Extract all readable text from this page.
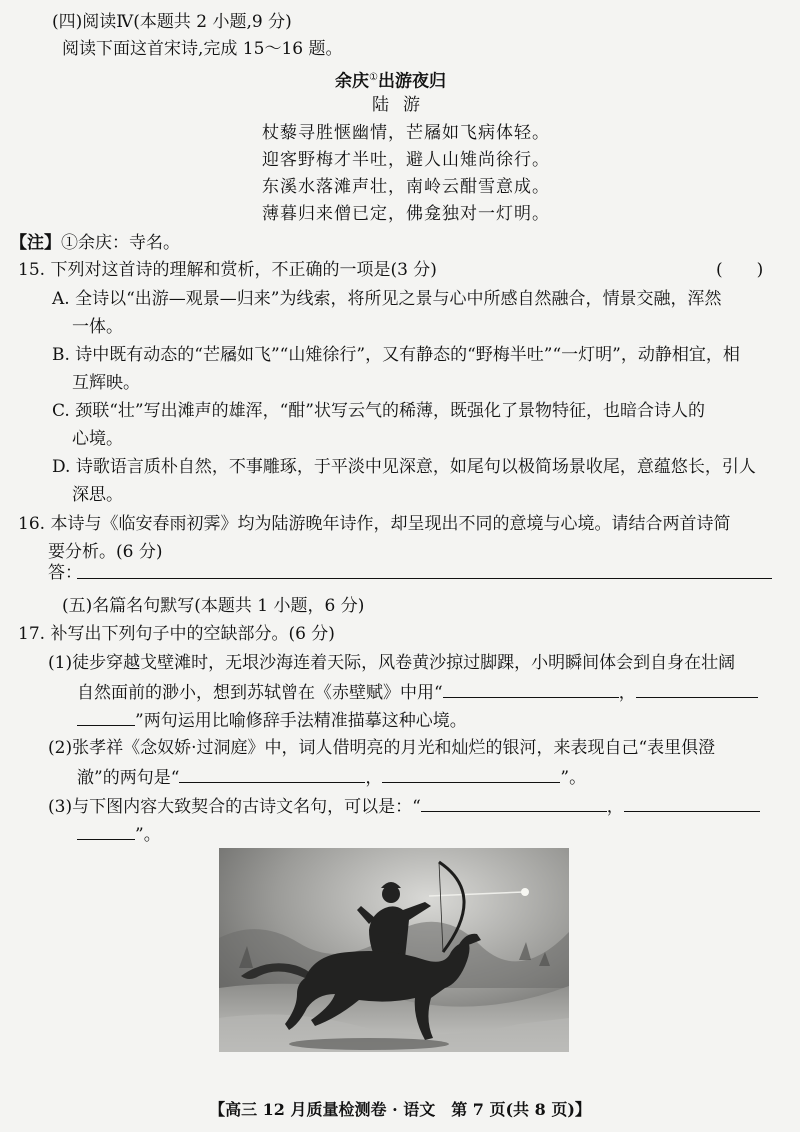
(四)阅读Ⅳ(本题共 2 小题,9 分)
阅读下面这首宋诗,完成 15～16 题。
余庆①出游夜归
陆游
杖藜寻胜惬幽情，芒屩如飞病体轻。
迎客野梅才半吐，避人山雉尚徐行。
东溪水落滩声壮，南岭云酣雪意成。
薄暮归来僧已定，佛龛独对一灯明。
【注】①余庆：寺名。
15. 下列对这首诗的理解和赏析，不正确的一项是(3 分)	(　　)
A. 全诗以“出游—观景—归来”为线索，将所见之景与心中所感自然融合，情景交融，浑然
一体。
B. 诗中既有动态的“芒屩如飞”“山雉徐行”，又有静态的“野梅半吐”“一灯明”，动静相宜，相
互辉映。
C. 颈联“壮”写出滩声的雄浑，“酣”状写云气的稀薄，既强化了景物特征，也暗合诗人的
心境。
D. 诗歌语言质朴自然，不事雕琢，于平淡中见深意，如尾句以极简场景收尾，意蕴悠长，引人
深思。
16. 本诗与《临安春雨初霁》均为陆游晚年诗作，却呈现出不同的意境与心境。请结合两首诗简
要分析。(6 分)
答：
(五)名篇名句默写(本题共 1 小题，6 分)
17. 补写出下列句子中的空缺部分。(6 分)
(1)徒步穿越戈壁滩时，无垠沙海连着天际，风卷黄沙掠过脚踝，小明瞬间体会到自身在壮阔
自然面前的渺小，想到苏轼曾在《赤壁赋》中用“	，
”两句运用比喻修辞手法精准描摹这种心境。
(2)张孝祥《念奴娇·过洞庭》中，词人借明亮的月光和灿烂的银河，来表现自己“表里俱澄
澈”的两句是“	，	”。
(3)与下图内容大致契合的古诗文名句，可以是：“	，
”。
【高三 12 月质量检测卷 · 语文　第 7 页(共 8 页)】
